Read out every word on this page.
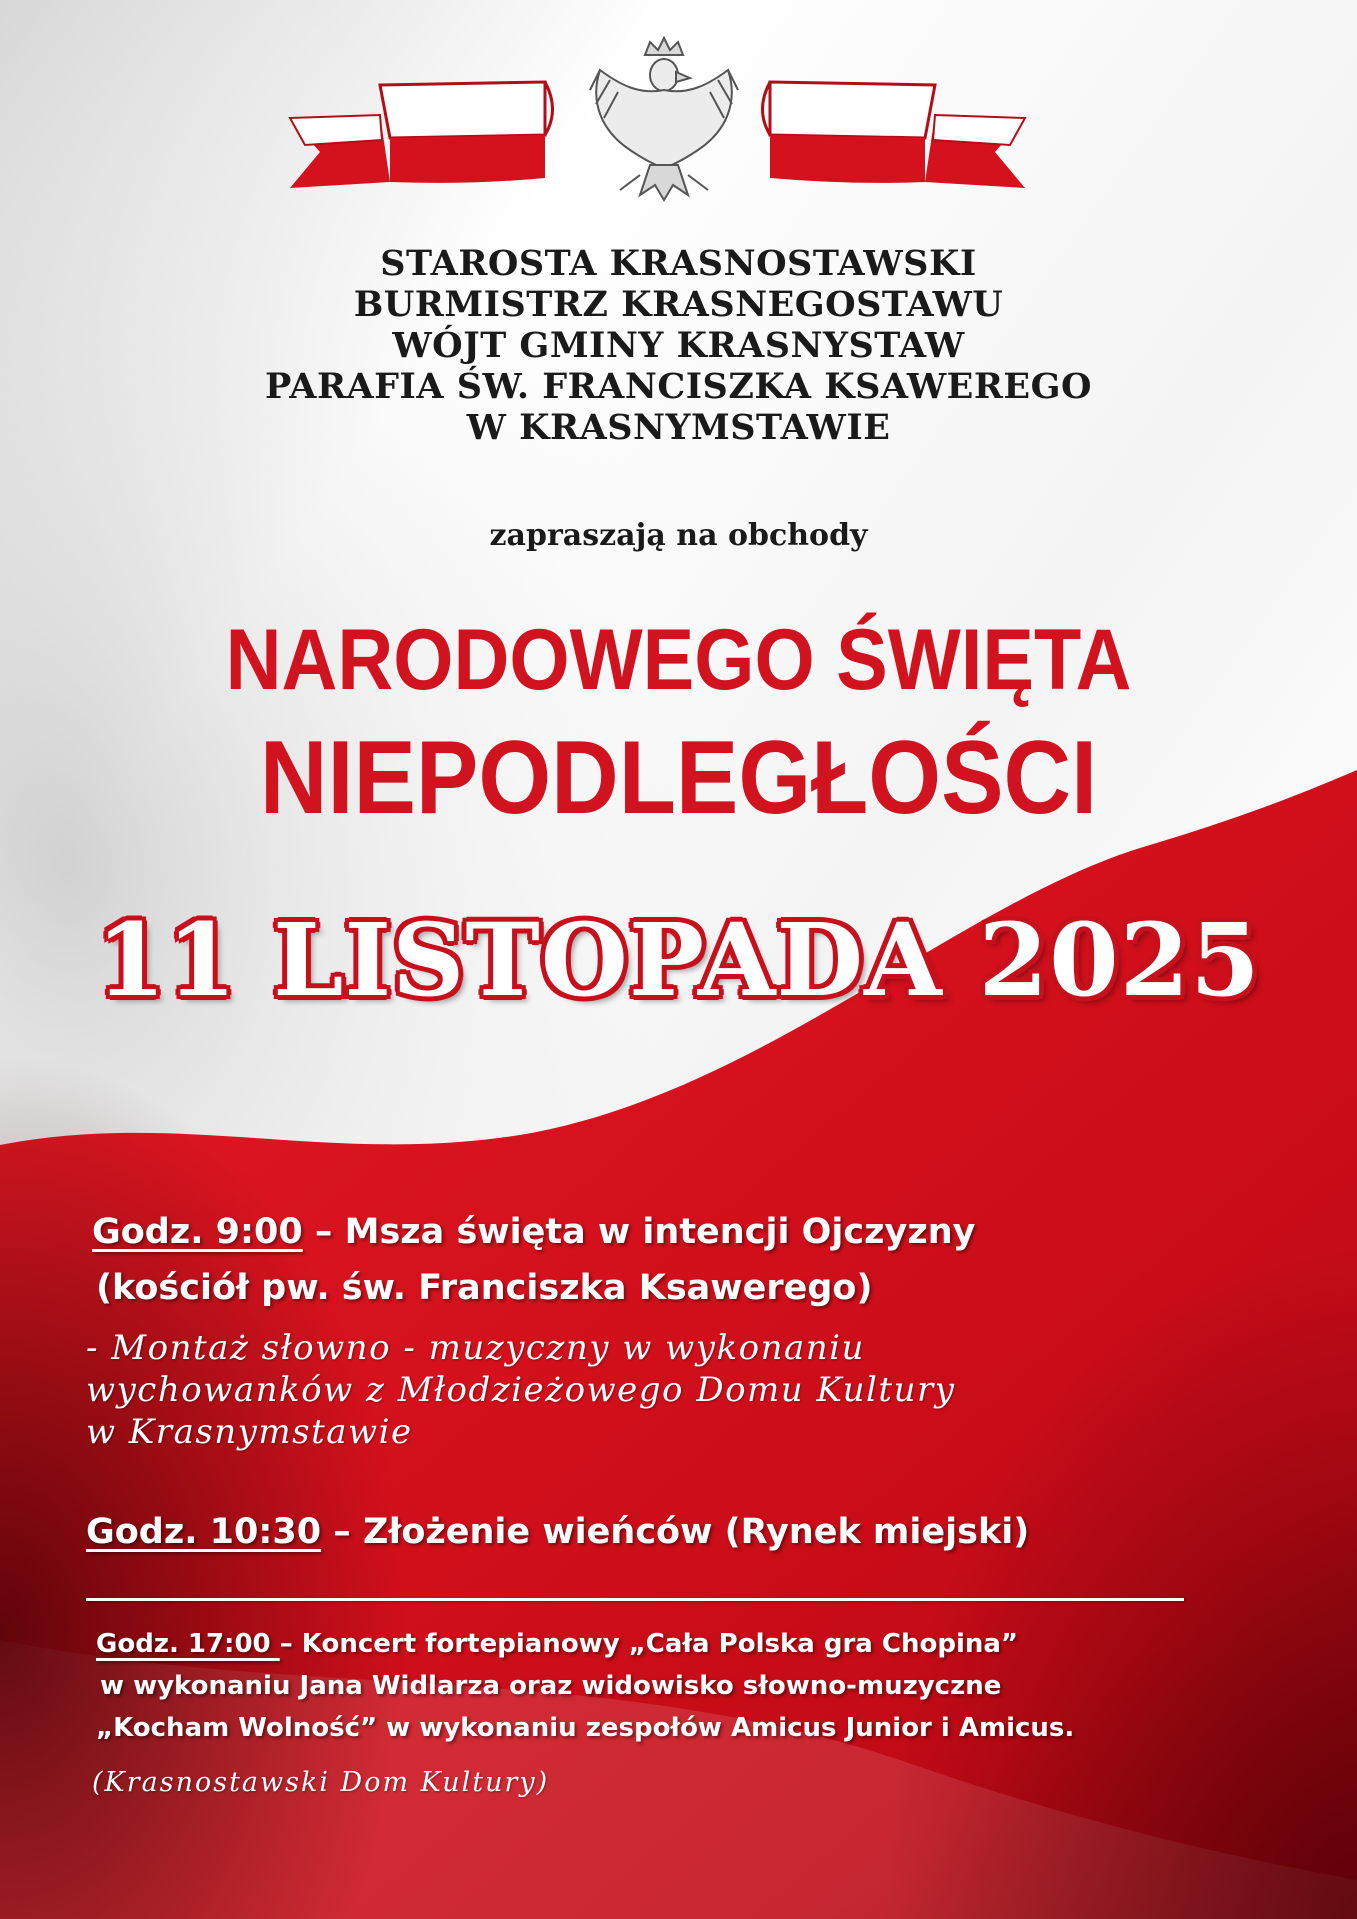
STAROSTA KRASNOSTAWSKI
BURMISTRZ KRASNEGOSTAWU
WÓJT GMINY KRASNYSTAW
PARAFIA ŚW. FRANCISZKA KSAWEREGO
W KRASNYMSTAWIE
zapraszają na obchody
NARODOWEGO ŚWIĘTA
NIEPODLEGŁOŚCI
11 LISTOPADA 2025
Godz. 9:00 – Msza święta w intencji Ojczyzny
(kościół pw. św. Franciszka Ksawerego)
- Montaż słowno - muzyczny w wykonaniu
wychowanków z Młodzieżowego Domu Kultury
w Krasnymstawie
Godz. 10:30 – Złożenie wieńców (Rynek miejski)
Godz. 17:00 – Koncert fortepianowy „Cała Polska gra Chopina”
w wykonaniu Jana Widlarza oraz widowisko słowno-muzyczne
„Kocham Wolność” w wykonaniu zespołów Amicus Junior i Amicus.
(Krasnostawski Dom Kultury)
